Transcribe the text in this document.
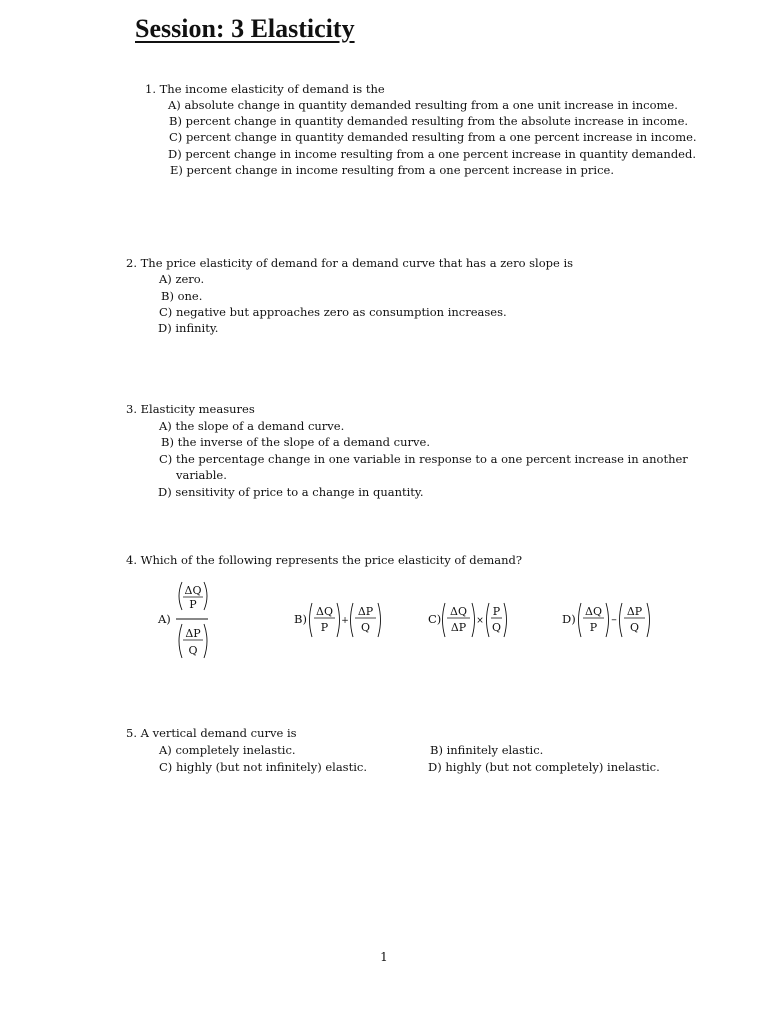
Session: 3 Elasticity
1. The income elasticity of demand is the
A) absolute change in quantity demanded resulting from a one unit increase in income.
B) percent change in quantity demanded resulting from the absolute increase in income.
C) percent change in quantity demanded resulting from a one percent increase in income.
D) percent change in income resulting from a one percent increase in quantity demanded.
E) percent change in income resulting from a one percent increase in price.
2. The price elasticity of demand for a demand curve that has a zero slope is
A) zero.
B) one.
C) negative but approaches zero as consumption increases.
D) infinity.
3. Elasticity measures
A) the slope of a demand curve.
B) the inverse of the slope of a demand curve.
C) the percentage change in one variable in response to a one percent increase in another
variable.
D) sensitivity of price to a change in quantity.
4. Which of the following represents the price elasticity of demand?
A)
ΔQ
P
ΔP
Q
B)
ΔQ
P +
ΔP
Q
C)
ΔQ
ΔP ×
P
Q
D)
ΔQ
P
–
ΔP
Q
5. A vertical demand curve is
A) completely inelastic.	B) infinitely elastic.
C) highly (but not infinitely) elastic.	D) highly (but not completely) inelastic.
1
